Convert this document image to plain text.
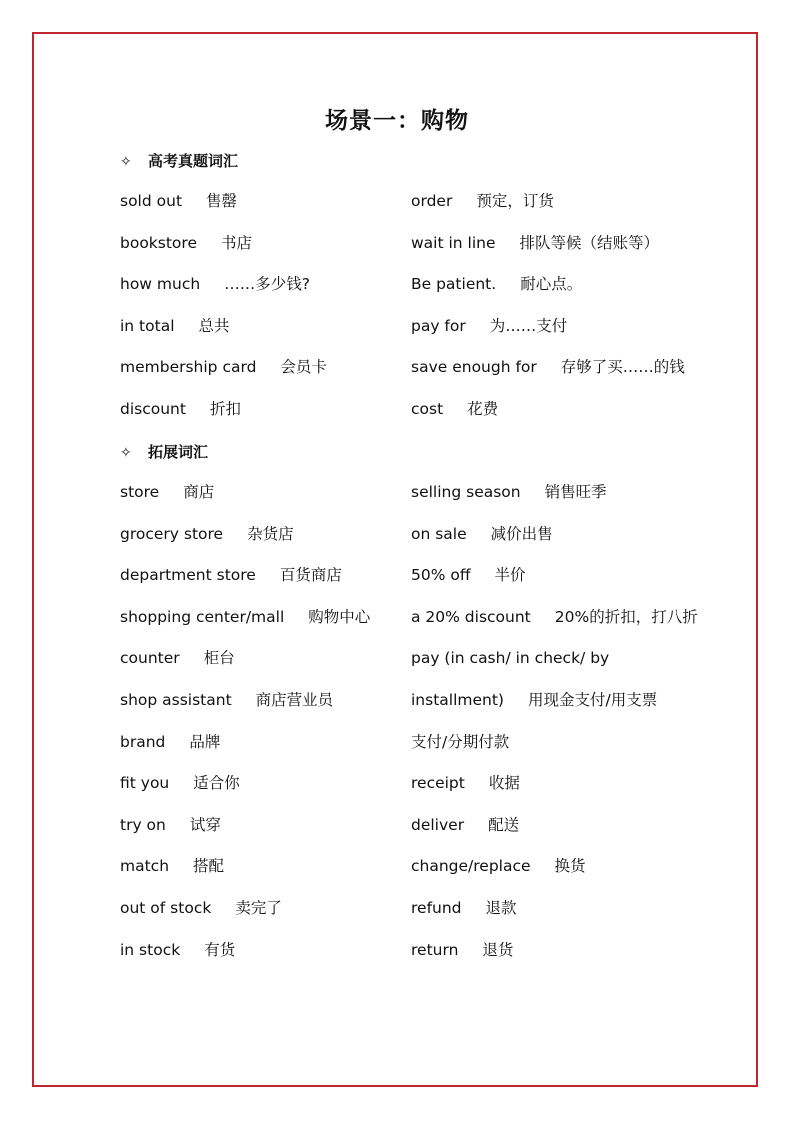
场景一：购物
✧ 高考真题词汇
✧ 拓展词汇
sold out 售罄
bookstore 书店
how much ……多少钱?
in total 总共
membership card 会员卡
discount 折扣
order 预定，订货
wait in line 排队等候（结账等）
Be patient. 耐心点。
pay for 为……支付
save enough for 存够了买……的钱
cost 花费
store 商店
grocery store 杂货店
department store 百货商店
shopping center/mall 购物中心
counter 柜台
shop assistant 商店营业员
brand 品牌
fit you 适合你
try on 试穿
match 搭配
out of stock 卖完了
in stock 有货
selling season 销售旺季
on sale 减价出售
50% off 半价
a 20% discount 20%的折扣，打八折
pay (in cash/ in check/ by
installment) 用现金支付/用支票
支付/分期付款
receipt 收据
deliver 配送
change/replace 换货
refund 退款
return 退货
